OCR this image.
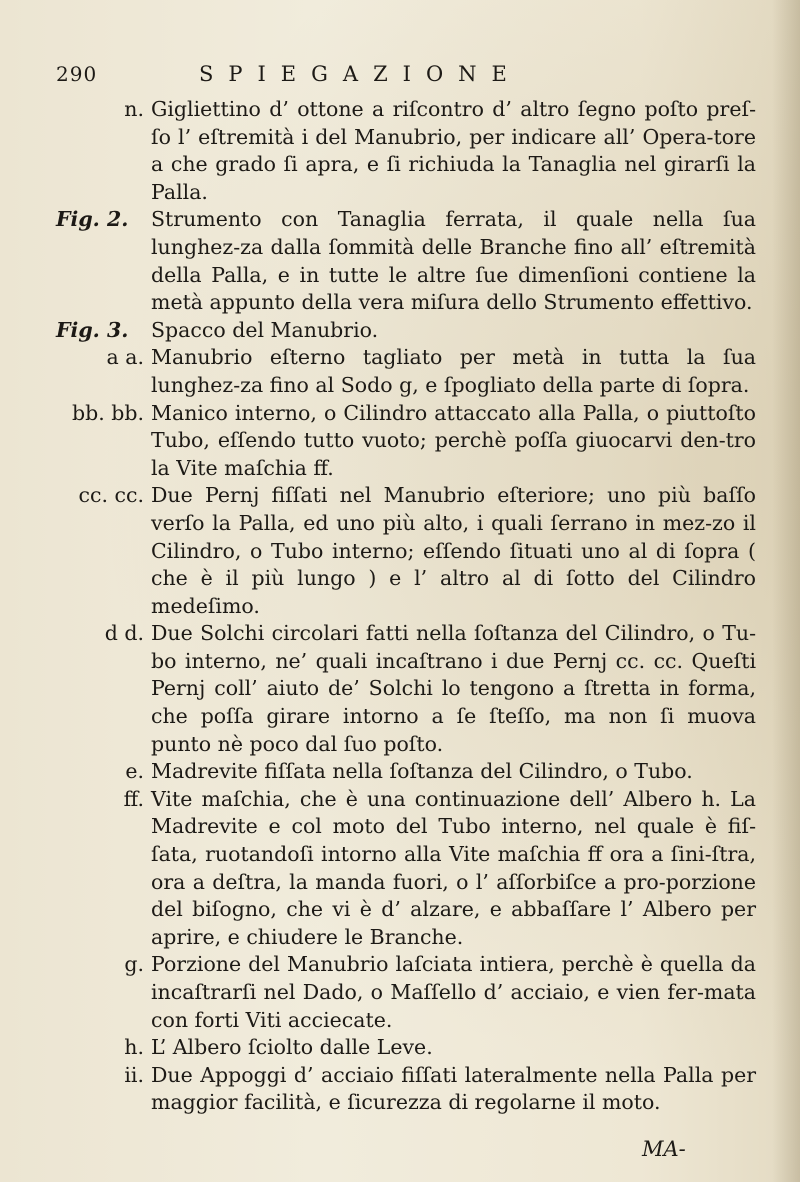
290	SPIEGAZIONE

n. Gigliettino d’ ottone a riſcontro d’ altro ſegno poſto preſ-ſo l’ eſtremità i del Manubrio, per indicare all’ Opera-tore a che grado ſi apra, e ſi richiuda la Tanaglia nel girarſi la Palla.

Fig. 2.	Strumento con Tanaglia ferrata, il quale nella ſua lunghez-za dalla ſommità delle Branche fino all’ eſtremità della Palla, e in tutte le altre ſue dimenſioni contiene la metà appunto della vera miſura dello Strumento effettivo.

Fig. 3.	Spacco del Manubrio.

a a. Manubrio eſterno tagliato per metà in tutta la ſua lunghez-za fino al Sodo g, e ſpogliato della parte di ſopra.

bb. bb. Manico interno, o Cilindro attaccato alla Palla, o piuttoſto Tubo, eſſendo tutto vuoto; perchè poſſa giuocarvi den-tro la Vite maſchia ff.

cc. cc. Due Pernj fiſſati nel Manubrio eſteriore; uno più baſſo verſo la Palla, ed uno più alto, i quali ſerrano in mez-zo il Cilindro, o Tubo interno; eſſendo ſituati uno al di ſopra ( che è il più lungo ) e l’ altro al di ſotto del Cilindro medeſimo.

d d. Due Solchi circolari fatti nella ſoſtanza del Cilindro, o Tu-bo interno, ne’ quali incaſtrano i due Pernj cc. cc. Queſti Pernj coll’ aiuto de’ Solchi lo tengono a ſtretta in forma, che poſſa girare intorno a ſe ſteſſo, ma non ſi muova punto nè poco dal ſuo poſto.

e. Madrevite fiſſata nella ſoſtanza del Cilindro, o Tubo.

ff. Vite maſchia, che è una continuazione dell’ Albero h. La Madrevite e col moto del Tubo interno, nel quale è fiſ-ſata, ruotandoſi intorno alla Vite maſchia ff ora a ſini-ſtra, ora a deſtra, la manda fuori, o l’ aſſorbiſce a pro-porzione del biſogno, che vi è d’ alzare, e abbaſſare l’ Albero per aprire, e chiudere le Branche.

g. Porzione del Manubrio laſciata intiera, perchè è quella da incaſtrarſi nel Dado, o Maſſello d’ acciaio, e vien fer-mata con forti Viti acciecate.

h. L’ Albero ſciolto dalle Leve.

ii. Due Appoggi d’ acciaio fiſſati lateralmente nella Palla per maggior facilità, e ſicurezza di regolarne il moto.

MA-
